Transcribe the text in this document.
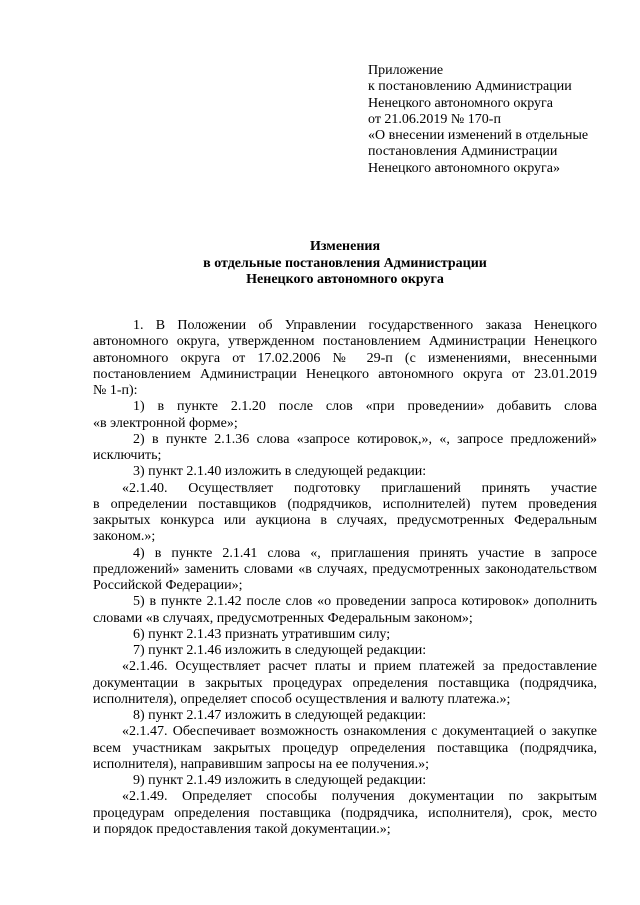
Приложение
к постановлению Администрации
Ненецкого автономного округа
от 21.06.2019 № 170-п
«О внесении изменений в отдельные
постановления Администрации
Ненецкого автономного округа»
Изменения
в отдельные постановления Администрации
Ненецкого автономного округа
1. В Положении об Управлении государственного заказа Ненецкого
автономного округа, утвержденном постановлением Администрации Ненецкого
автономного округа от 17.02.2006 № 29-п (с изменениями, внесенными
постановлением Администрации Ненецкого автономного округа от 23.01.2019
№ 1-п):
1) в пункте 2.1.20 после слов «при проведении» добавить слова
«в электронной форме»;
2) в пункте 2.1.36 слова «запросе котировок,», «, запросе предложений»
исключить;
3) пункт 2.1.40 изложить в следующей редакции:
«2.1.40. Осуществляет подготовку приглашений принять участие
в определении поставщиков (подрядчиков, исполнителей) путем проведения
закрытых конкурса или аукциона в случаях, предусмотренных Федеральным
законом.»;
4) в пункте 2.1.41 слова «, приглашения принять участие в запросе
предложений» заменить словами «в случаях, предусмотренных законодательством
Российской Федерации»;
5) в пункте 2.1.42 после слов «о проведении запроса котировок» дополнить
словами «в случаях, предусмотренных Федеральным законом»;
6) пункт 2.1.43 признать утратившим силу;
7) пункт 2.1.46 изложить в следующей редакции:
«2.1.46. Осуществляет расчет платы и прием платежей за предоставление
документации в закрытых процедурах определения поставщика (подрядчика,
исполнителя), определяет способ осуществления и валюту платежа.»;
8) пункт 2.1.47 изложить в следующей редакции:
«2.1.47. Обеспечивает возможность ознакомления с документацией о закупке
всем участникам закрытых процедур определения поставщика (подрядчика,
исполнителя), направившим запросы на ее получения.»;
9) пункт 2.1.49 изложить в следующей редакции:
«2.1.49. Определяет способы получения документации по закрытым
процедурам определения поставщика (подрядчика, исполнителя), срок, место
и порядок предоставления такой документации.»;
